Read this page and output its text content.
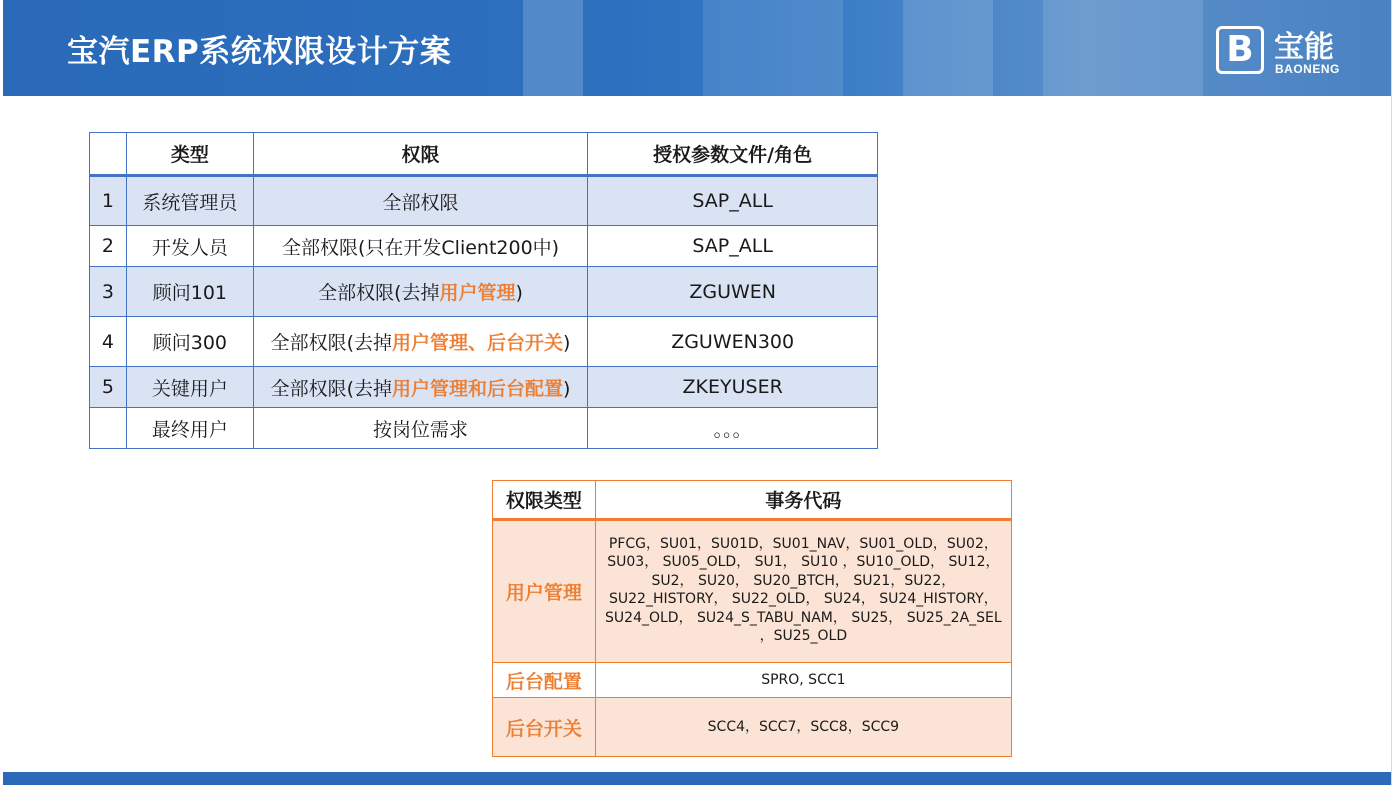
宝汽ERP系统权限设计方案	B 宝能
BAONENG
	类型	权限	授权参数文件/角色
1	系统管理员	全部权限	SAP_ALL
2	开发人员	全部权限(只在开发Client200中)	SAP_ALL
3	顾问101	全部权限(去掉用户管理)	ZGUWEN
4	顾问300	全部权限(去掉用户管理、后台开关)	ZGUWEN300
5	关键用户	全部权限(去掉用户管理和后台配置)	ZKEYUSER
	最终用户	按岗位需求	。。。
权限类型	事务代码
用户管理	PFCG，SU01，SU01D，SU01_NAV，SU01_OLD，SU02，SU03， SU05_OLD， SU1， SU10 ，SU10_OLD， SU12， SU2， SU20， SU20_BTCH， SU21，SU22， SU22_HISTORY， SU22_OLD， SU24， SU24_HISTORY， SU24_OLD， SU24_S_TABU_NAM， SU25， SU25_2A_SEL ，SU25_OLD
后台配置	SPRO, SCC1
后台开关	SCC4，SCC7，SCC8，SCC9
